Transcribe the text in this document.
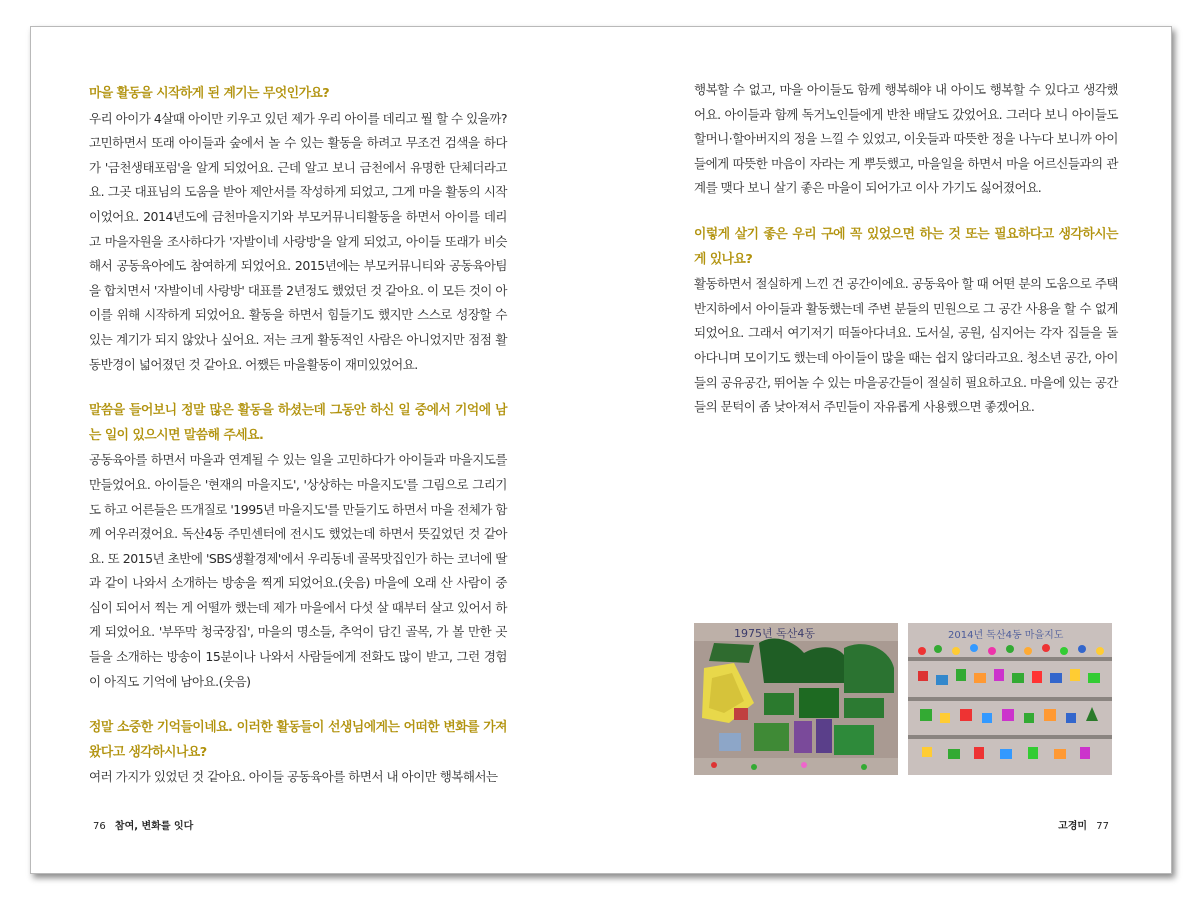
마을 활동을 시작하게 된 계기는 무엇인가요?

우리 아이가 4살때 아이만 키우고 있던 제가 우리 아이를 데리고 뭘 할 수 있을까? 고민하면서 또래 아이들과 숲에서 놀 수 있는 활동을 하려고 무조건 검색을 하다가 '금천생태포럼'을 알게 되었어요. 근데 알고 보니 금천에서 유명한 단체더라고요. 그곳 대표님의 도움을 받아 제안서를 작성하게 되었고, 그게 마을 활동의 시작이었어요. 2014년도에 금천마을지기와 부모커뮤니티활동을 하면서 아이를 데리고 마을자원을 조사하다가 '자발이네 사랑방'을 알게 되었고, 아이들 또래가 비슷해서 공동육아에도 참여하게 되었어요. 2015년에는 부모커뮤니티와 공동육아팀을 합치면서 '자발이네 사랑방' 대표를 2년정도 했었던 것 같아요. 이 모든 것이 아이를 위해 시작하게 되었어요. 활동을 하면서 힘들기도 했지만 스스로 성장할 수 있는 계기가 되지 않았나 싶어요. 저는 크게 활동적인 사람은 아니었지만 점점 활동반경이 넓어졌던 것 같아요. 어쨌든 마을활동이 재미있었어요.

말씀을 들어보니 정말 많은 활동을 하셨는데 그동안 하신 일 중에서 기억에 남는 일이 있으시면 말씀해 주세요.

공동육아를 하면서 마을과 연계될 수 있는 일을 고민하다가 아이들과 마을지도를 만들었어요. 아이들은 '현재의 마을지도', '상상하는 마을지도'를 그림으로 그리기도 하고 어른들은 뜨개질로 '1995년 마을지도'를 만들기도 하면서 마을 전체가 함께 어우러졌어요. 독산4동 주민센터에 전시도 했었는데 하면서 뜻깊었던 것 같아요. 또 2015년 초반에 'SBS생활경제'에서 우리동네 골목맛집인가 하는 코너에 딸과 같이 나와서 소개하는 방송을 찍게 되었어요.(웃음) 마을에 오래 산 사람이 중심이 되어서 찍는 게 어떨까 했는데 제가 마을에서 다섯 살 때부터 살고 있어서 하게 되었어요. '부뚜막 청국장집', 마을의 명소들, 추억이 담긴 골목, 가 볼 만한 곳들을 소개하는 방송이 15분이나 나와서 사람들에게 전화도 많이 받고, 그런 경험이 아직도 기억에 남아요.(웃음)

정말 소중한 기억들이네요. 이러한 활동들이 선생님에게는 어떠한 변화를 가져 왔다고 생각하시나요?

여러 가지가 있었던 것 같아요. 아이들 공동육아를 하면서 내 아이만 행복해서는

행복할 수 없고, 마을 아이들도 함께 행복해야 내 아이도 행복할 수 있다고 생각했어요. 아이들과 함께 독거노인들에게 반찬 배달도 갔었어요. 그러다 보니 아이들도 할머니·할아버지의 정을 느낄 수 있었고, 이웃들과 따뜻한 정을 나누다 보니까 아이들에게 따뜻한 마음이 자라는 게 뿌듯했고, 마을일을 하면서 마을 어르신들과의 관계를 맺다 보니 살기 좋은 마을이 되어가고 이사 가기도 싫어졌어요.

이렇게 살기 좋은 우리 구에 꼭 있었으면 하는 것 또는 필요하다고 생각하시는 게 있나요?

활동하면서 절실하게 느낀 건 공간이에요. 공동육아 할 때 어떤 분의 도움으로 주택 반지하에서 아이들과 활동했는데 주변 분들의 민원으로 그 공간 사용을 할 수 없게 되었어요. 그래서 여기저기 떠돌아다녀요. 도서실, 공원, 심지어는 각자 집들을 돌아다니며 모이기도 했는데 아이들이 많을 때는 쉽지 않더라고요. 청소년 공간, 아이들의 공유공간, 뛰어놀 수 있는 마을공간들이 절실히 필요하고요. 마을에 있는 공간들의 문턱이 좀 낮아져서 주민들이 자유롭게 사용했으면 좋겠어요.

1975년 독산4동	2014년 독산4동 마을지도
76 참여, 변화를 잇다	고경미 77
